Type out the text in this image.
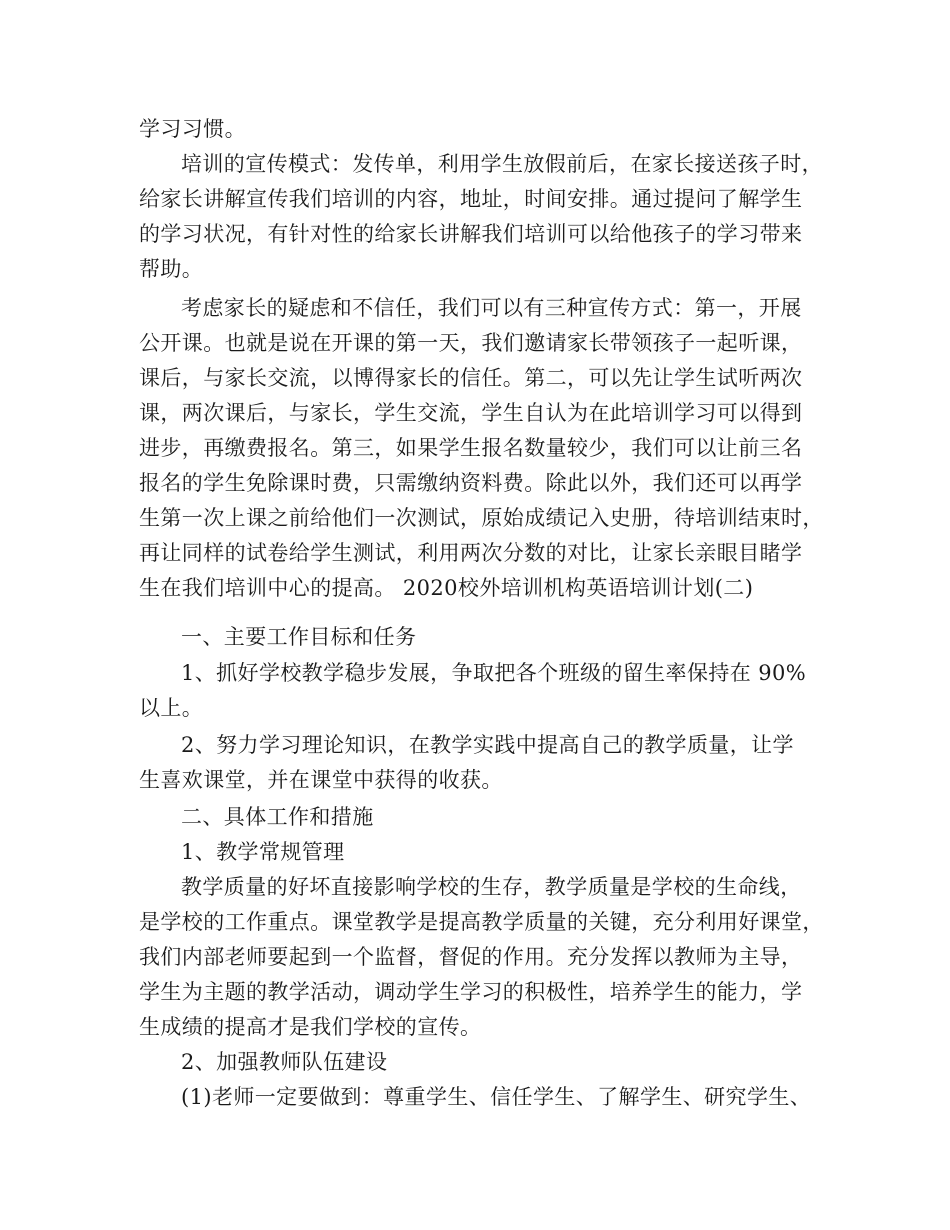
学习习惯。
培训的宣传模式：发传单，利用学生放假前后，在家长接送孩子时，
给家长讲解宣传我们培训的内容，地址，时间安排。通过提问了解学生
的学习状况，有针对性的给家长讲解我们培训可以给他孩子的学习带来
帮助。
考虑家长的疑虑和不信任，我们可以有三种宣传方式：第一，开展
公开课。也就是说在开课的第一天，我们邀请家长带领孩子一起听课，
课后，与家长交流，以博得家长的信任。第二，可以先让学生试听两次
课，两次课后，与家长，学生交流，学生自认为在此培训学习可以得到
进步，再缴费报名。第三，如果学生报名数量较少，我们可以让前三名
报名的学生免除课时费，只需缴纳资料费。除此以外，我们还可以再学
生第一次上课之前给他们一次测试，原始成绩记入史册，待培训结束时，
再让同样的试卷给学生测试，利用两次分数的对比，让家长亲眼目睹学
生在我们培训中心的提高。 2020校外培训机构英语培训计划(二)
一、主要工作目标和任务
1、抓好学校教学稳步发展，争取把各个班级的留生率保持在 90%
以上。
2、努力学习理论知识，在教学实践中提高自己的教学质量，让学
生喜欢课堂，并在课堂中获得的收获。
二、具体工作和措施
1、教学常规管理
教学质量的好坏直接影响学校的生存，教学质量是学校的生命线，
是学校的工作重点。课堂教学是提高教学质量的关键，充分利用好课堂，
我们内部老师要起到一个监督，督促的作用。充分发挥以教师为主导，
学生为主题的教学活动，调动学生学习的积极性，培养学生的能力，学
生成绩的提高才是我们学校的宣传。
2、加强教师队伍建设
(1)老师一定要做到：尊重学生、信任学生、了解学生、研究学生、
